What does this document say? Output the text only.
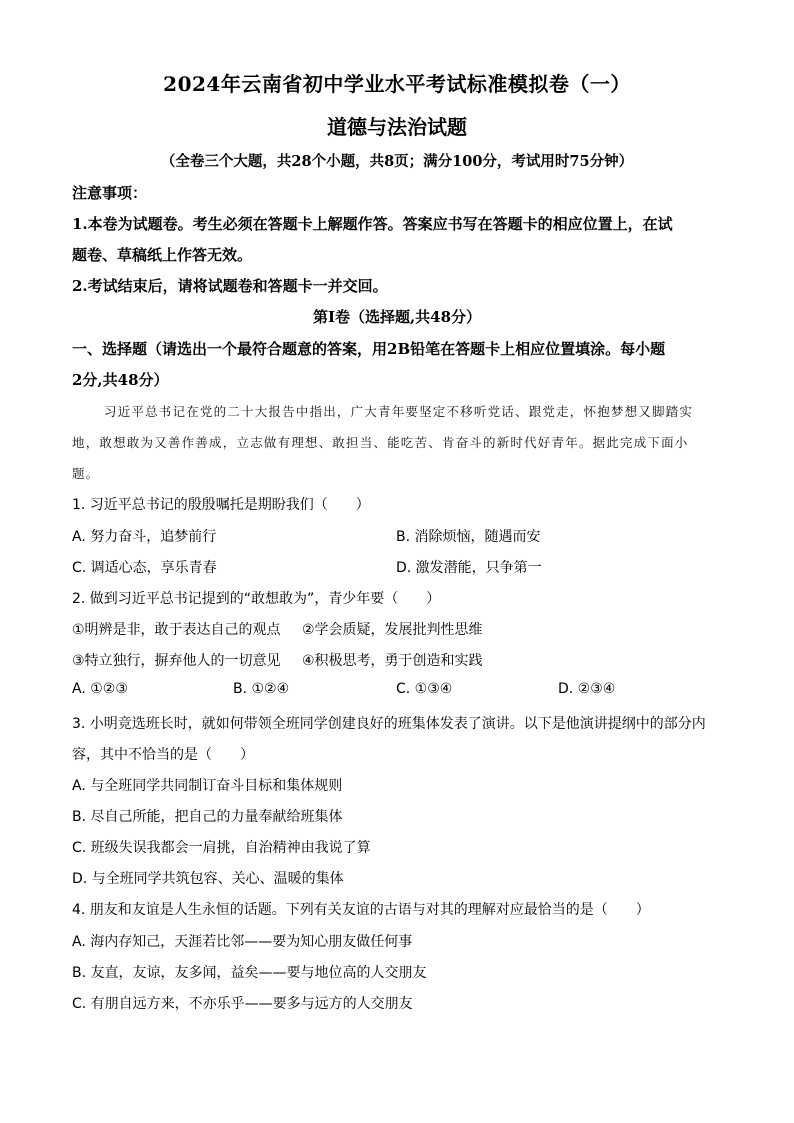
2024年云南省初中学业水平考试标准模拟卷（一）
道德与法治试题
（全卷三个大题，共28个小题，共8页；满分100分，考试用时75分钟）
注意事项：
1.本卷为试题卷。考生必须在答题卡上解题作答。答案应书写在答题卡的相应位置上，在试
题卷、草稿纸上作答无效。
2.考试结束后，请将试题卷和答题卡一并交回。
第Ⅰ卷（选择题,共48分）
一、选择题（请选出一个最符合题意的答案，用2B铅笔在答题卡上相应位置填涂。每小题
2分,共48分）
习近平总书记在党的二十大报告中指出，广大青年要坚定不移听党话、跟党走，怀抱梦想又脚踏实
地，敢想敢为又善作善成，立志做有理想、敢担当、能吃苦、肯奋斗的新时代好青年。据此完成下面小
题。
1. 习近平总书记的殷殷嘱托是期盼我们（　　）
A. 努力奋斗，追梦前行	B. 消除烦恼，随遇而安
C. 调适心态，享乐青春	D. 激发潜能，只争第一
2. 做到习近平总书记提到的“敢想敢为”，青少年要（　　）
①明辨是非，敢于表达自己的观点 ②学会质疑，发展批判性思维
③特立独行，摒弃他人的一切意见 ④积极思考，勇于创造和实践
A. ①②③	B. ①②④	C. ①③④	D. ②③④
3. 小明竞选班长时，就如何带领全班同学创建良好的班集体发表了演讲。以下是他演讲提纲中的部分内
容，其中不恰当的是（　　）
A. 与全班同学共同制订奋斗目标和集体规则
B. 尽自己所能，把自己的力量奉献给班集体
C. 班级失误我都会一肩挑，自治精神由我说了算
D. 与全班同学共筑包容、关心、温暖的集体
4. 朋友和友谊是人生永恒的话题。下列有关友谊的古语与对其的理解对应最恰当的是（　　）
A. 海内存知己，天涯若比邻——要为知心朋友做任何事
B. 友直，友谅，友多闻，益矣——要与地位高的人交朋友
C. 有朋自远方来，不亦乐乎——要多与远方的人交朋友
